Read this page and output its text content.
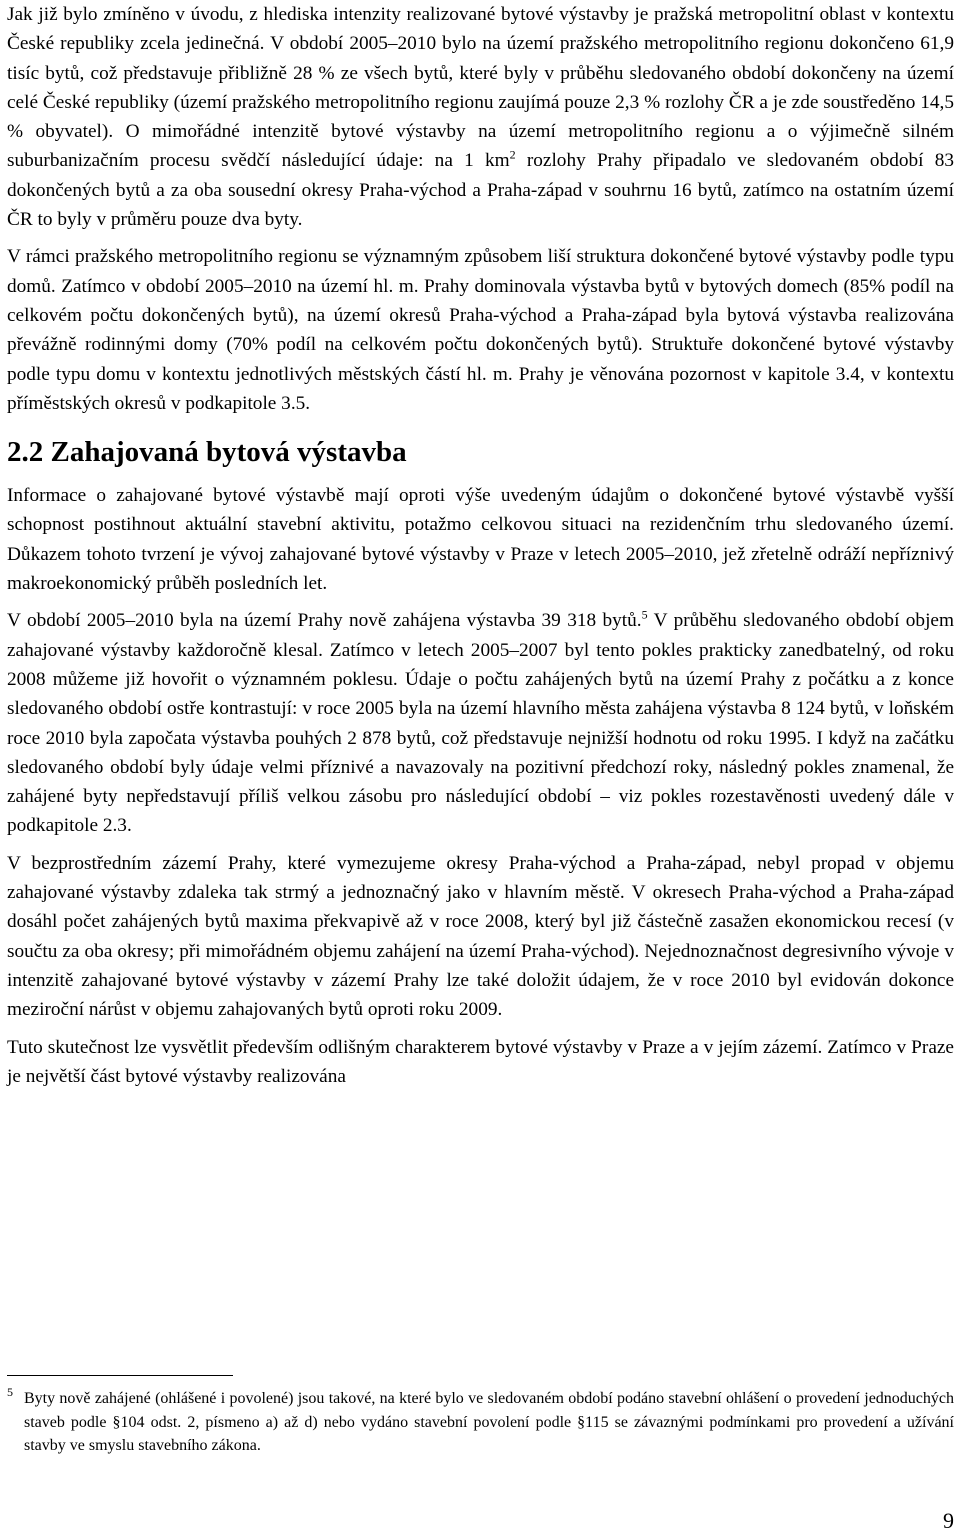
Jak již bylo zmíněno v úvodu, z hlediska intenzity realizované bytové výstavby je pražská metropolitní oblast v kontextu České republiky zcela jedinečná. V období 2005–2010 bylo na území pražského metropolitního regionu dokončeno 61,9 tisíc bytů, což představuje přibližně 28 % ze všech bytů, které byly v průběhu sledovaného období dokončeny na území celé České republiky (území pražského metropolitního regionu zaujímá pouze 2,3 % rozlohy ČR a je zde soustředěno 14,5 % obyvatel). O mimořádné intenzitě bytové výstavby na území metropolitního regionu a o výjimečně silném suburbanizačním procesu svědčí následující údaje: na 1 $km^2$ rozlohy Prahy připadalo ve sledovaném období 83 dokončených bytů a za oba sousední okresy Praha-východ a Praha-západ v souhrnu 16 bytů, zatímco na ostatním území ČR to byly v průměru pouze dva byty.

V rámci pražského metropolitního regionu se významným způsobem liší struktura dokončené bytové výstavby podle typu domů. Zatímco v období 2005–2010 na území hl. m. Prahy dominovala výstavba bytů v bytových domech (85% podíl na celkovém počtu dokončených bytů), na území okresů Praha-východ a Praha-západ byla bytová výstavba realizována převážně rodinnými domy (70% podíl na celkovém počtu dokončených bytů). Struktuře dokončené bytové výstavby podle typu domu v kontextu jednotlivých městských částí hl. m. Prahy je věnována pozornost v kapitole 3.4, v kontextu příměstských okresů v podkapitole 3.5.

2.2 Zahajovaná bytová výstavba

Informace o zahajované bytové výstavbě mají oproti výše uvedeným údajům o dokončené bytové výstavbě vyšší schopnost postihnout aktuální stavební aktivitu, potažmo celkovou situaci na rezidenčním trhu sledovaného území. Důkazem tohoto tvrzení je vývoj zahajované bytové výstavby v Praze v letech 2005–2010, jež zřetelně odráží nepříznivý makroekonomický průběh posledních let.

V období 2005–2010 byla na území Prahy nově zahájena výstavba 39 318 bytů.$^5$ V průběhu sledovaného období objem zahajované výstavby každoročně klesal. Zatímco v letech 2005–2007 byl tento pokles prakticky zanedbatelný, od roku 2008 můžeme již hovořit o významném poklesu. Údaje o počtu zahájených bytů na území Prahy z počátku a z konce sledovaného období ostře kontrastují: v roce 2005 byla na území hlavního města zahájena výstavba 8 124 bytů, v loňském roce 2010 byla započata výstavba pouhých 2 878 bytů, což představuje nejnižší hodnotu od roku 1995. I když na začátku sledovaného období byly údaje velmi příznivé a navazovaly na pozitivní předchozí roky, následný pokles znamenal, že zahájené byty nepředstavují příliš velkou zásobu pro následující období – viz pokles rozestavěnosti uvedený dále v podkapitole 2.3.

V bezprostředním zázemí Prahy, které vymezujeme okresy Praha-východ a Praha-západ, nebyl propad v objemu zahajované výstavby zdaleka tak strmý a jednoznačný jako v hlavním městě. V okresech Praha-východ a Praha-západ dosáhl počet zahájených bytů maxima překvapivě až v roce 2008, který byl již částečně zasažen ekonomickou recesí (v součtu za oba okresy; při mimořádném objemu zahájení na území Praha-východ). Nejednoznačnost degresivního vývoje v intenzitě zahajované bytové výstavby v zázemí Prahy lze také doložit údajem, že v roce 2010 byl evidován dokonce meziroční nárůst v objemu zahajovaných bytů oproti roku 2009.

Tuto skutečnost lze vysvětlit především odlišným charakterem bytové výstavby v Praze a v jejím zázemí. Zatímco v Praze je největší část bytové výstavby realizována

5 Byty nově zahájené (ohlášené i povolené) jsou takové, na které bylo ve sledovaném období podáno stavební ohlášení o provedení jednoduchých staveb podle §104 odst. 2, písmeno a) až d) nebo vydáno stavební povolení podle §115 se závaznými podmínkami pro provedení a užívání stavby ve smyslu stavebního zákona.
9
